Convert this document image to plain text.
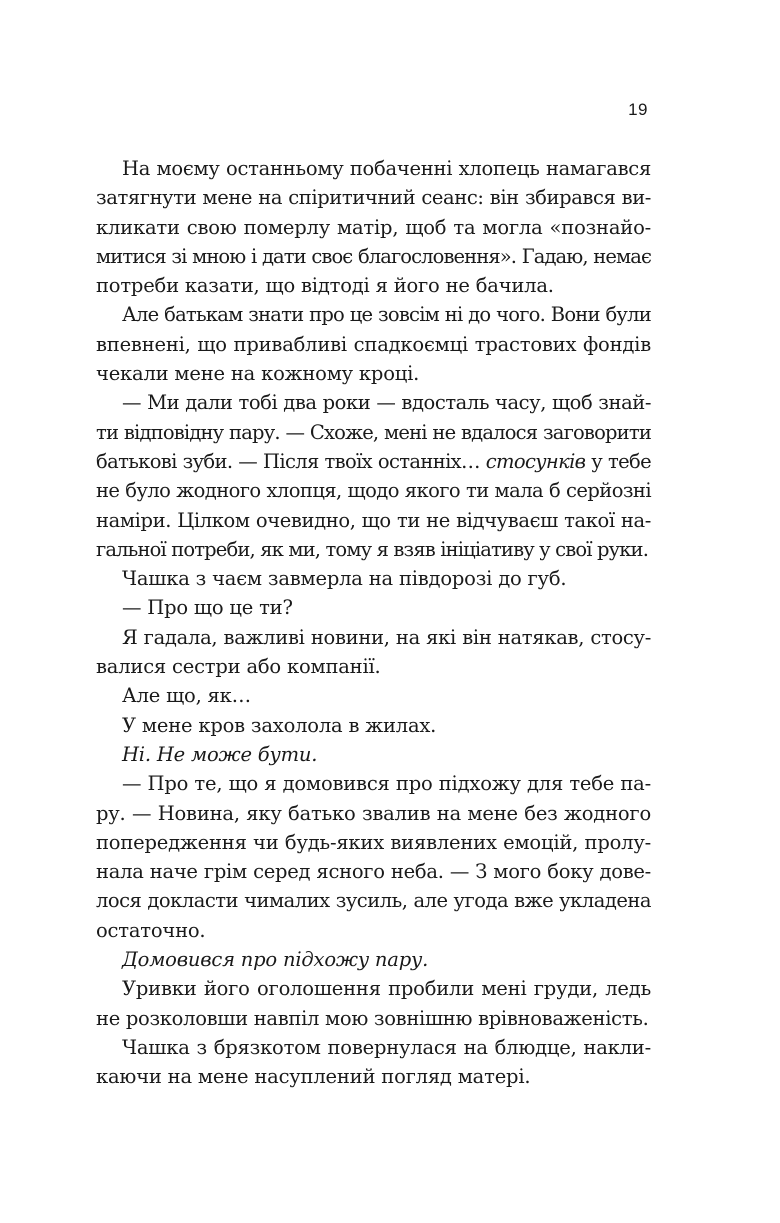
19
На моєму останньому побаченні хлопець намагався
затягнути мене на спіритичний сеанс: він збирався ви-
кликати свою померлу матір, щоб та могла «познайо-
митися зі мною і дати своє благословення». Гадаю, немає
потреби казати, що відтоді я його не бачила.
Але батькам знати про це зовсім ні до чого. Вони були
впевнені, що привабливі спадкоємці трастових фондів
чекали мене на кожному кроці.
— Ми дали тобі два роки — вдосталь часу, щоб знай-
ти відповідну пару. — Схоже, мені не вдалося заговорити
батькові зуби. — Після твоїх останніх… стосунків у тебе
не було жодного хлопця, щодо якого ти мала б серйозні
наміри. Цілком очевидно, що ти не відчуваєш такої на-
гальної потреби, як ми, тому я взяв ініціативу у свої руки.
Чашка з чаєм завмерла на півдорозі до губ.
— Про що це ти?
Я гадала, важливі новини, на які він натякав, стосу-
валися сестри або компанії.
Але що, як…
У мене кров захолола в жилах.
Ні. Не може бути.
— Про те, що я домовився про підхожу для тебе па-
ру. — Новина, яку батько звалив на мене без жодного
попередження чи будь-яких виявлених емоцій, пролу-
нала наче грім серед ясного неба. — З мого боку дове-
лося докласти чималих зусиль, але угода вже укладена
остаточно.
Домовився про підхожу пару.
Уривки його оголошення пробили мені груди, ледь
не розколовши навпіл мою зовнішню врівноваженість.
Чашка з брязкотом повернулася на блюдце, накли-
каючи на мене насуплений погляд матері.
